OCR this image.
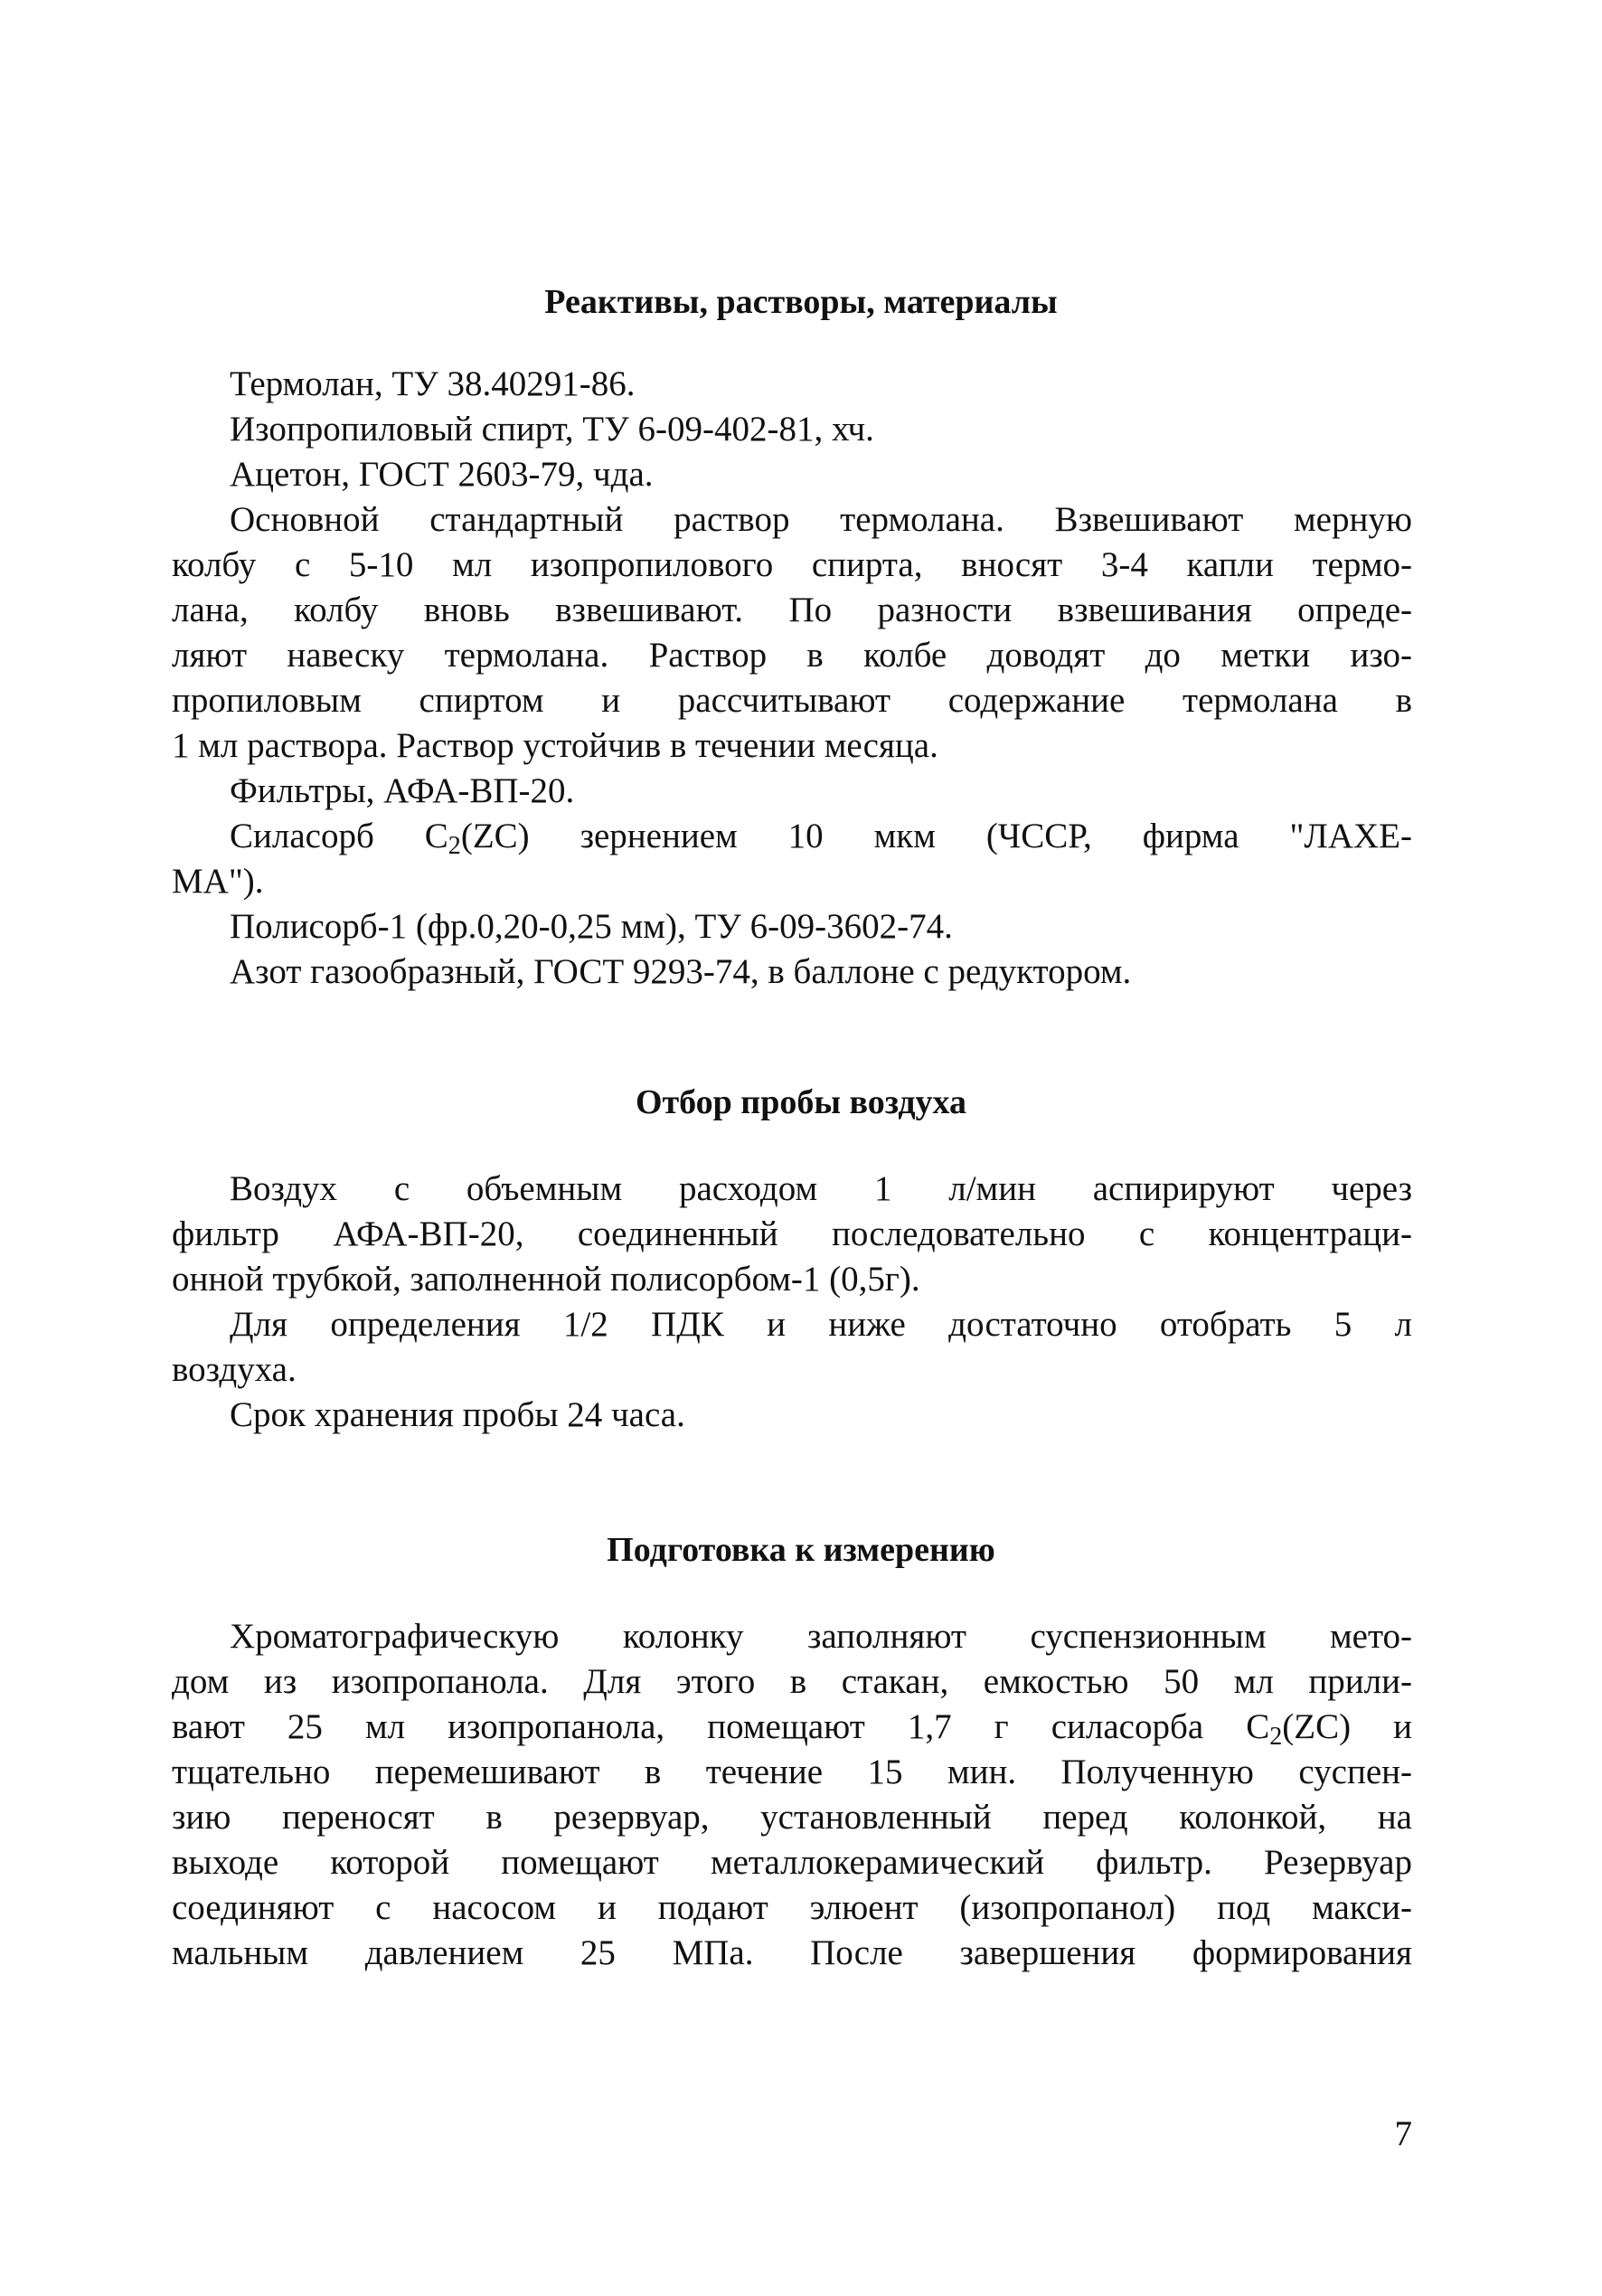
Реактивы, растворы, материалы

Термолан, ТУ 38.40291-86.

Изопропиловый спирт, ТУ 6-09-402-81, хч.

Ацетон, ГОСТ 2603-79, чда.

Основной стандартный раствор термолана. Взвешивают мерную
колбу с 5-10 мл изопропилового спирта, вносят 3-4 капли термо-
лана, колбу вновь взвешивают. По разности взвешивания опреде-
ляют навеску термолана. Раствор в колбе доводят до метки изо-
пропиловым спиртом и рассчитывают содержание термолана в
1 мл раствора. Раствор устойчив в течении месяца.

Фильтры, АФА-ВП-20.

Силасорб $С_2(ZC)$ зернением 10 мкм (ЧССР, фирма "ЛАХЕ-
МА").

Полисорб-1 (фр.0,20-0,25 мм), ТУ 6-09-3602-74.

Азот газообразный, ГОСТ 9293-74, в баллоне с редуктором.

Отбор пробы воздуха

Воздух с объемным расходом 1 л/мин аспирируют через
фильтр АФА-ВП-20, соединенный последовательно с концентраци-
онной трубкой, заполненной полисорбом-1 (0,5г).

Для определения 1/2 ПДК и ниже достаточно отобрать 5 л
воздуха.

Срок хранения пробы 24 часа.

Подготовка к измерению

Хроматографическую колонку заполняют суспензионным мето-
дом из изопропанола. Для этого в стакан, емкостью 50 мл прили-
вают 25 мл изопропанола, помещают 1,7 г силасорба $С_2(ZC)$ и
тщательно перемешивают в течение 15 мин. Полученную суспен-
зию переносят в резервуар, установленный перед колонкой, на
выходе которой помещают металлокерамический фильтр. Резервуар
соединяют с насосом и подают элюент (изопропанол) под макси-
мальным давлением 25 МПа. После завершения формирования

7
